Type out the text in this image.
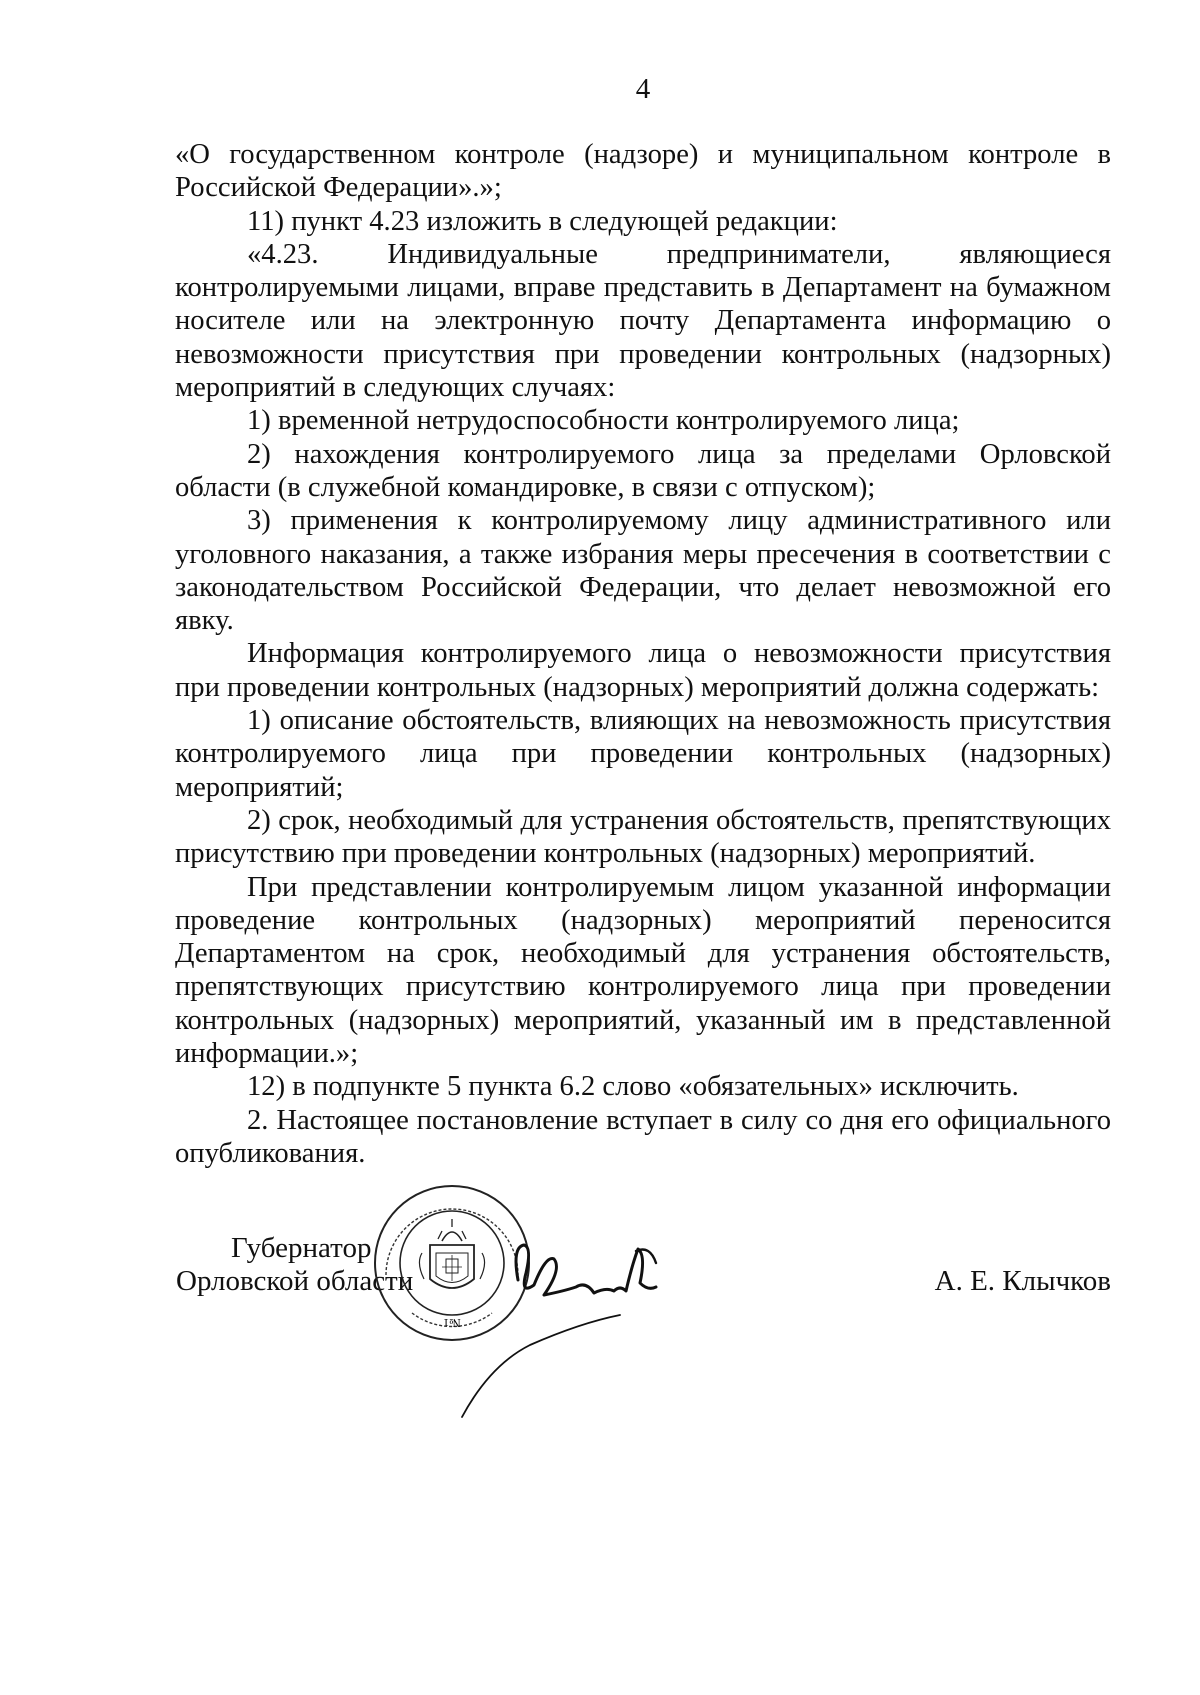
4

«О государственном контроле (надзоре) и муниципальном контроле в Российской Федерации».»;

11) пункт 4.23 изложить в следующей редакции:

«4.23. Индивидуальные предприниматели, являющиеся контролируемыми лицами, вправе представить в Департамент на бумажном носителе или на электронную почту Департамента информацию о невозможности присутствия при проведении контрольных (надзорных) мероприятий в следующих случаях:

1) временной нетрудоспособности контролируемого лица;

2) нахождения контролируемого лица за пределами Орловской области (в служебной командировке, в связи с отпуском);

3) применения к контролируемому лицу административного или уголовного наказания, а также избрания меры пресечения в соответствии с законодательством Российской Федерации, что делает невозможной его явку.

Информация контролируемого лица о невозможности присутствия при проведении контрольных (надзорных) мероприятий должна содержать:

1) описание обстоятельств, влияющих на невозможность присутствия контролируемого лица при проведении контрольных (надзорных) мероприятий;

2) срок, необходимый для устранения обстоятельств, препятствующих присутствию при проведении контрольных (надзорных) мероприятий.

При представлении контролируемым лицом указанной информации проведение контрольных (надзорных) мероприятий переносится Департаментом на срок, необходимый для устранения обстоятельств, препятствующих присутствию контролируемого лица при проведении контрольных (надзорных) мероприятий, указанный им в представленной информации.»;

12) в подпункте 5 пункта 6.2 слово «обязательных» исключить.

2. Настоящее постановление вступает в силу со дня его официального опубликования.

Губернатор
Орловской области
№1
А. Е. Клычков
